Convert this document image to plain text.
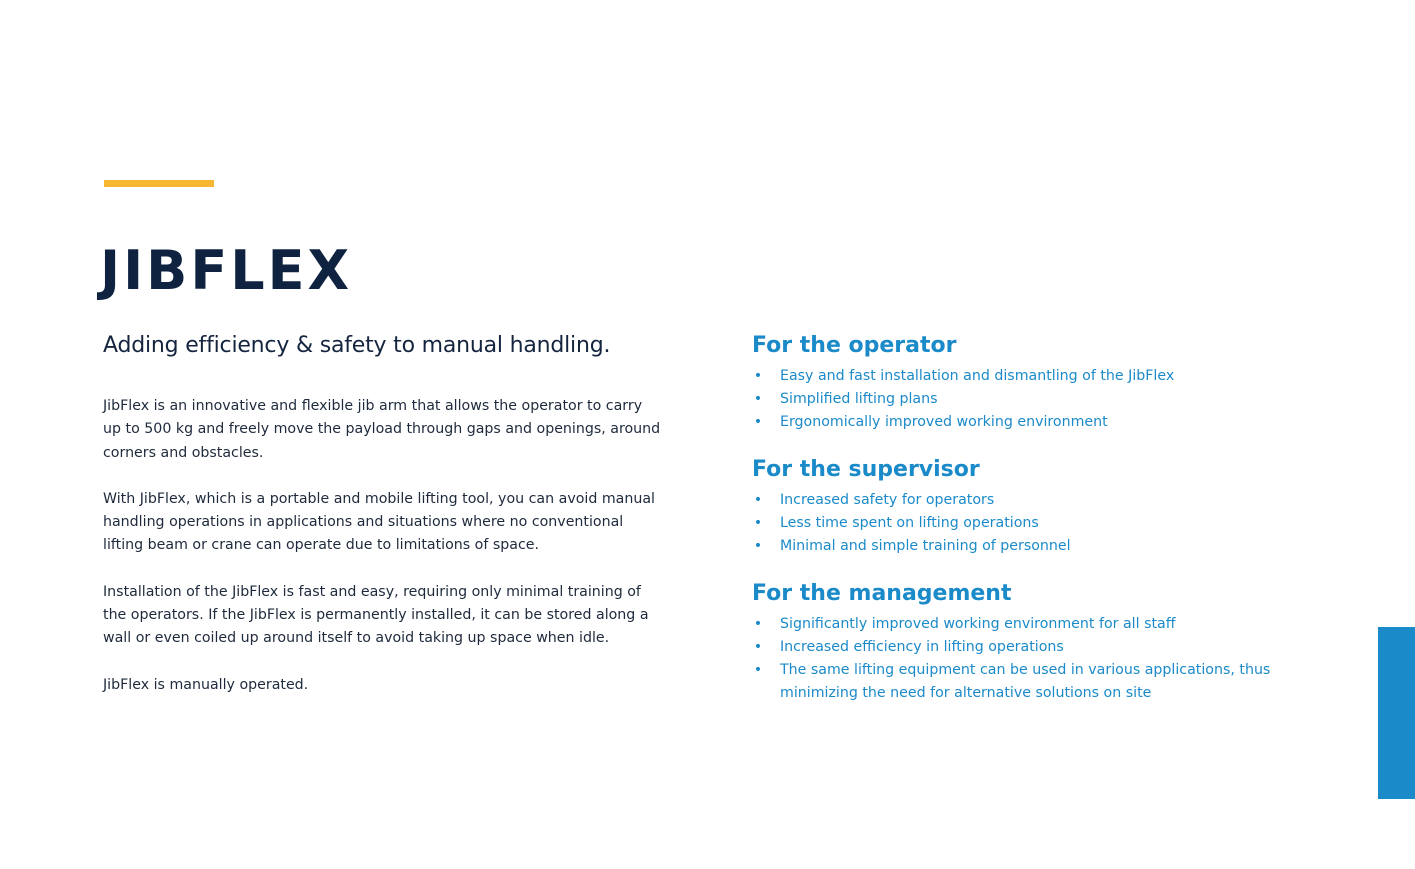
JIBFLEX
Adding efficiency & safety to manual handling.

JibFlex is an innovative and flexible jib arm that allows the operator to carry up to 500 kg and freely move the payload through gaps and openings, around corners and obstacles.

With JibFlex, which is a portable and mobile lifting tool, you can avoid manual handling operations in applications and situations where no conventional lifting beam or crane can operate due to limitations of space.

Installation of the JibFlex is fast and easy, requiring only minimal training of the operators. If the JibFlex is permanently installed, it can be stored along a wall or even coiled up around itself to avoid taking up space when idle.

JibFlex is manually operated.

For the operator
• Easy and fast installation and dismantling of the JibFlex
• Simplified lifting plans
• Ergonomically improved working environment
For the supervisor
• Increased safety for operators
• Less time spent on lifting operations
• Minimal and simple training of personnel
For the management
• Significantly improved working environment for all staff
• Increased efficiency in lifting operations
• The same lifting equipment can be used in various applications, thus minimizing the need for alternative solutions on site
